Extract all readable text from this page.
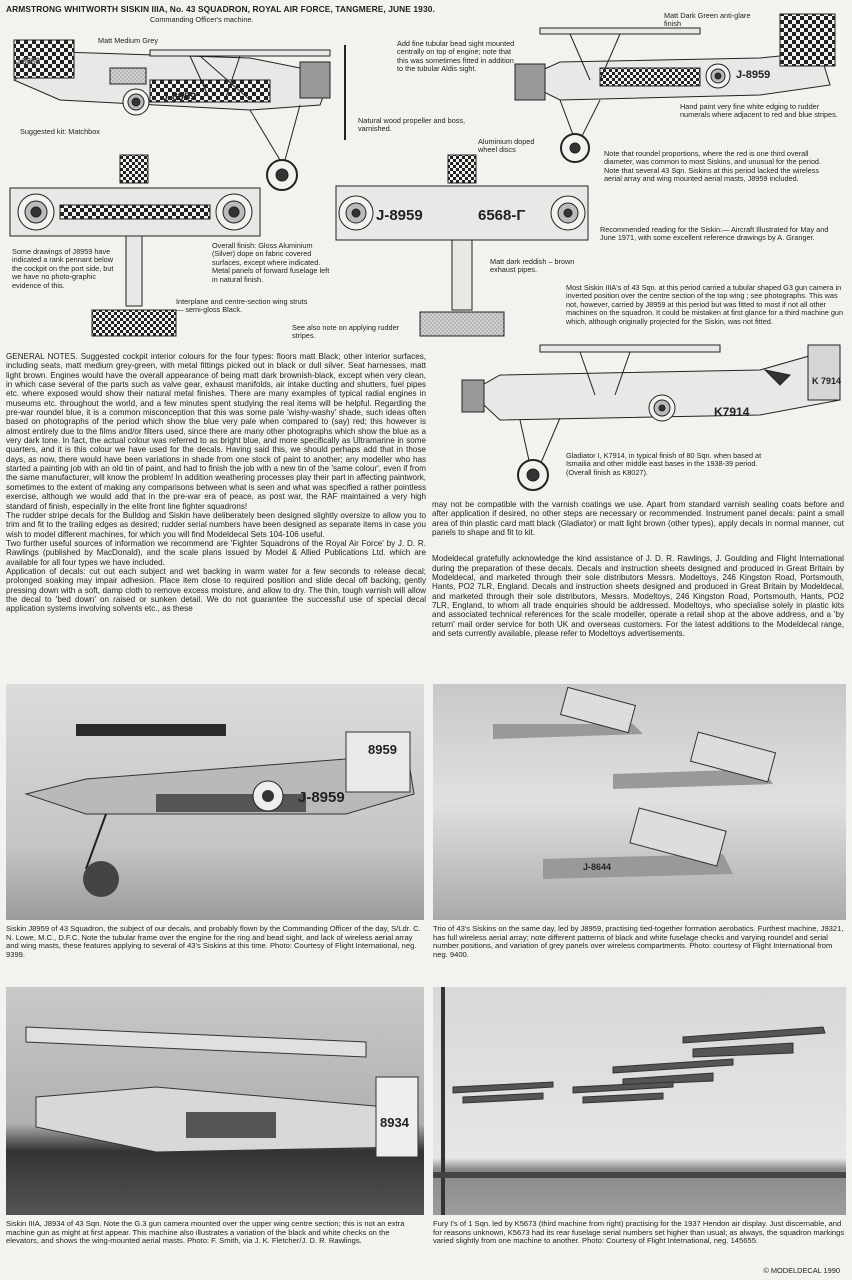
ARMSTRONG WHITWORTH SISKIN IIIA, No. 43 SQUADRON, ROYAL AIR FORCE, TANGMERE, JUNE 1930.
Commanding Officer's machine.
J 8959
J-8959
J-8959
J-8959	6568-Γ
K7914
K 7914
Matt Medium Grey
Suggested kit: Matchbox
Natural wood propeller and boss, varnished.
Add fine tubular bead sight mounted centrally on top of engine; note that this was sometimes fitted in addition to the tubular Aldis sight.
Aluminium doped wheel discs
Matt Dark Green anti-glare finish
Hand paint very fine white edging to rudder numerals where adjacent to red and blue stripes.
Note that roundel proportions, where the red is one third overall diameter, was common to most Siskins, and unusual for the period. Note that several 43 Sqn. Siskins at this period lacked the wireless aerial array and wing mounted aerial masts, J8959 included.
Recommended reading for the Siskin:— Aircraft Illustrated for May and June 1971, with some excellent reference drawings by A. Granger.
Some drawings of J8959 have indicated a rank pennant below the cockpit on the port side, but we have no photo-graphic evidence of this.
Overall finish: Gloss Aluminium (Silver) dope on fabric covered surfaces, except where indicated. Metal panels of forward fuselage left in natural finish.
Matt dark reddish – brown exhaust pipes.
Interplane and centre-section wing struts — semi-gloss Black.
See also note on applying rudder stripes.
Most Siskin IIIA's of 43 Sqn. at this period carried a tubular shaped G3 gun camera in inverted position over the centre section of the top wing ; see photographs. This was not, however, carried by J8959 at this period but was fitted to most if not all other machines on the squadron. It could be mistaken at first glance for a third machine gun which, although originally projected for the Siskin, was not fitted.
Gladiator I, K7914, in typical finish of 80 Sqn. when based at Ismailia and other middle east bases in the 1938-39 period. (Overall finish as K8027).

GENERAL NOTES. Suggested cockpit interior colours for the four types: floors matt Black; other interior surfaces, including seats, matt medium grey-green, with metal fittings picked out in black or dull silver. Seat harnesses, matt light brown. Engines would have the overall appearance of being matt dark brownish-black, except when very clean, in which case several of the parts such as valve gear, exhaust manifolds, air intake ducting and shutters, fuel pipes etc. where exposed would show their natural metal finishes. There are many examples of typical radial engines in museums etc. throughout the world, and a few minutes spent studying the real items will be helpful. Regarding the pre-war roundel blue, it is a common misconception that this was some pale 'wishy-washy' shade, such ideas often based on photographs of the period which show the blue very pale when compared to (say) red; this however is almost entirely due to the films and/or filters used, since there are many other photographs which show the blue as a very dark tone. In fact, the actual colour was referred to as bright blue, and more specifically as Ultramarine in some quarters, and it is this colour we have used for the decals. Having said this, we should perhaps add that in those days, as now, there would have been variations in shade from one stock of paint to another; any modeller who has started a painting job with an old tin of paint, and had to finish the job with a new tin of the 'same colour', even if from the same manufacturer, will know the problem! In addition weathering processes play their part in affecting paintwork, sometimes to the extent of making any comparisons between what is seen and what was specified a rather pointless exercise, although we would add that in the pre-war era of peace, as post war, the RAF maintained a very high standard of finish, especially in the elite front line fighter squadrons!

The rudder stripe decals for the Bulldog and Siskin have deliberately been designed slightly oversize to allow you to trim and fit to the trailing edges as desired; rudder serial numbers have been designed as separate items in case you wish to model different machines, for which you will find Modeldecal Sets 104-106 useful.

Two further useful sources of information we recommend are 'Fighter Squadrons of the Royal Air Force' by J. D. R. Rawlings (published by MacDonald), and the scale plans issued by Model & Allied Publications Ltd. which are available for all four types we have included.

Application of decals: cut out each subject and wet backing in warm water for a few seconds to release decal; prolonged soaking may impair adhesion. Place item close to required position and slide decal off backing, gently pressing down with a soft, damp cloth to remove excess moisture, and allow to dry. The thin, tough varnish will allow the decal to 'bed down' on raised or sunken detail. We do not guarantee the successful use of special decal application systems involving solvents etc., as these

may not be compatible with the varnish coatings we use. Apart from standard varnish sealing coats before and after application if desired, no other steps are necessary or recommended. Instrument panel decals: paint a small area of thin plastic card matt black (Gladiator) or matt light brown (other types), apply decals in normal manner, cut panels to shape and fit to kit.

Modeldecal gratefully acknowledge the kind assistance of J. D. R. Rawlings, J. Goulding and Flight International during the preparation of these decals. Decals and instruction sheets designed and produced in Great Britain by Modeldecal, and marketed through their sole distributors Messrs. Modeltoys, 246 Kingston Road, Portsmouth, Hants, PO2 7LR, England. Decals and instruction sheets designed and produced in Great Britain by Modeldecal, and marketed through their sole distributors, Messrs. Modeltoys, 246 Kingston Road, Portsmouth, Hants, PO2 7LR, England, to whom all trade enquiries should be addressed. Modeltoys, who specialise solely in plastic kits and associated technical references for the scale modeller, operate a retail shop at the above address, and a 'by return' mail order service for both UK and overseas customers. For the latest additions to the Modeldecal range, and sets currently available, please refer to Modeltoys advertisements.

J-8959
8959
Siskin J8959 of 43 Squadron, the subject of our decals, and probably flown by the Commanding Officer of the day, S/Ldr. C. N. Lowe, M.C., D.F.C. Note the tubular frame over the engine for the ring and bead sight, and lack of wireless aerial array and wing masts, these features applying to several of 43's Siskins at this time. Photo: Courtesy of Flight International, neg. 9399.
J-8644
Trio of 43's Siskins on the same day, led by J8959, practising tied-together formation aerobatics. Furthest machine, J9321, has full wireless aerial array; note different patterns of black and white fuselage checks and varying roundel and serial number positions, and variation of grey panels over wireless compartments. Photo: courtesy of Flight International from neg. 9400.
8934
Siskin IIIA, J8934 of 43 Sqn. Note the G.3 gun camera mounted over the upper wing centre section; this is not an extra machine gun as might at first appear. This machine also illustrates a variation of the black and white checks on the elevators, and shows the wing-mounted aerial masts. Photo: F. Smith, via J. K. Fletcher/J. D. R. Rawlings.
Fury I's of 1 Sqn. led by K5673 (third machine from right) practising for the 1937 Hendon air display. Just discernable, and for reasons unknown, K5673 had its rear fuselage serial numbers set higher than usual; as always, the squadron markings varied slightly from one machine to another. Photo: Courtesy of Flight International, neg. 145655.
© MODELDECAL 1990
